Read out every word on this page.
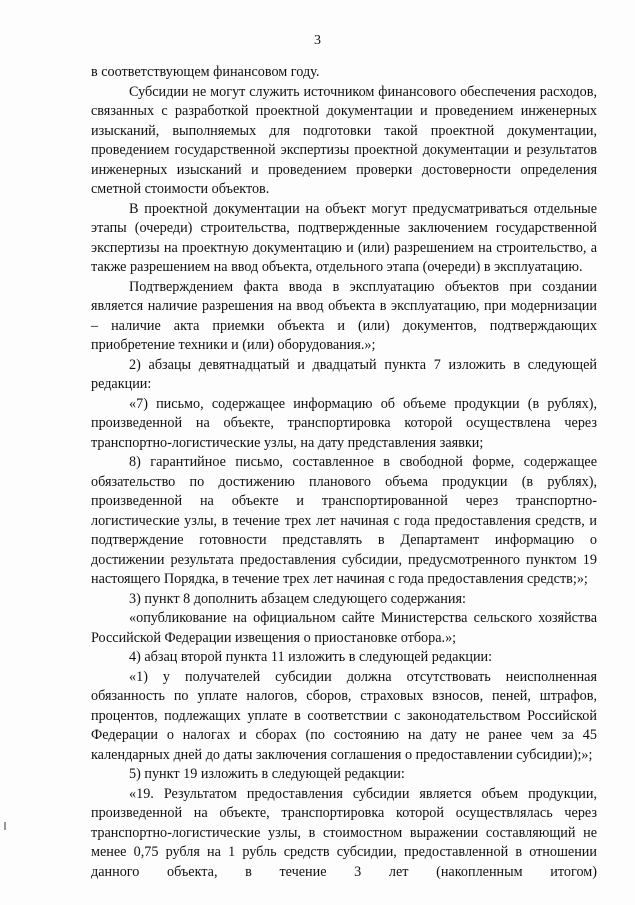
3

в соответствующем финансовом году.

Субсидии не могут служить источником финансового обеспечения расходов, связанных с разработкой проектной документации и проведением инженерных изысканий, выполняемых для подготовки такой проектной документации, проведением государственной экспертизы проектной документации и результатов инженерных изысканий и проведением проверки достоверности определения сметной стоимости объектов.

В проектной документации на объект могут предусматриваться отдельные этапы (очереди) строительства, подтвержденные заключением государственной экспертизы на проектную документацию и (или) разрешением на строительство, а также разрешением на ввод объекта, отдельного этапа (очереди) в эксплуатацию.

Подтверждением факта ввода в эксплуатацию объектов при создании является наличие разрешения на ввод объекта в эксплуатацию, при модернизации – наличие акта приемки объекта и (или) документов, подтверждающих приобретение техники и (или) оборудования.»;

2) абзацы девятнадцатый и двадцатый пункта 7 изложить в следующей редакции:

«7) письмо, содержащее информацию об объеме продукции (в рублях), произведенной на объекте, транспортировка которой осуществлена через транспортно-логистические узлы, на дату представления заявки;

8) гарантийное письмо, составленное в свободной форме, содержащее обязательство по достижению планового объема продукции (в рублях), произведенной на объекте и транспортированной через транспортно-логистические узлы, в течение трех лет начиная с года предоставления средств, и подтверждение готовности представлять в Департамент информацию о достижении результата предоставления субсидии, предусмотренного пунктом 19 настоящего Порядка, в течение трех лет начиная с года предоставления средств;»;

3) пункт 8 дополнить абзацем следующего содержания:

«опубликование на официальном сайте Министерства сельского хозяйства Российской Федерации извещения о приостановке отбора.»;

4) абзац второй пункта 11 изложить в следующей редакции:

«1) у получателей субсидии должна отсутствовать неисполненная обязанность по уплате налогов, сборов, страховых взносов, пеней, штрафов, процентов, подлежащих уплате в соответствии с законодательством Российской Федерации о налогах и сборах (по состоянию на дату не ранее чем за 45 календарных дней до даты заключения соглашения о предоставлении субсидии);»;

5) пункт 19 изложить в следующей редакции:

«19. Результатом предоставления субсидии является объем продукции, произведенной на объекте, транспортировка которой осуществлялась через транспортно-логистические узлы, в стоимостном выражении составляющий не менее 0,75 рубля на 1 рубль средств субсидии, предоставленной в отношении данного объекта, в течение 3 лет (накопленным итогом)
